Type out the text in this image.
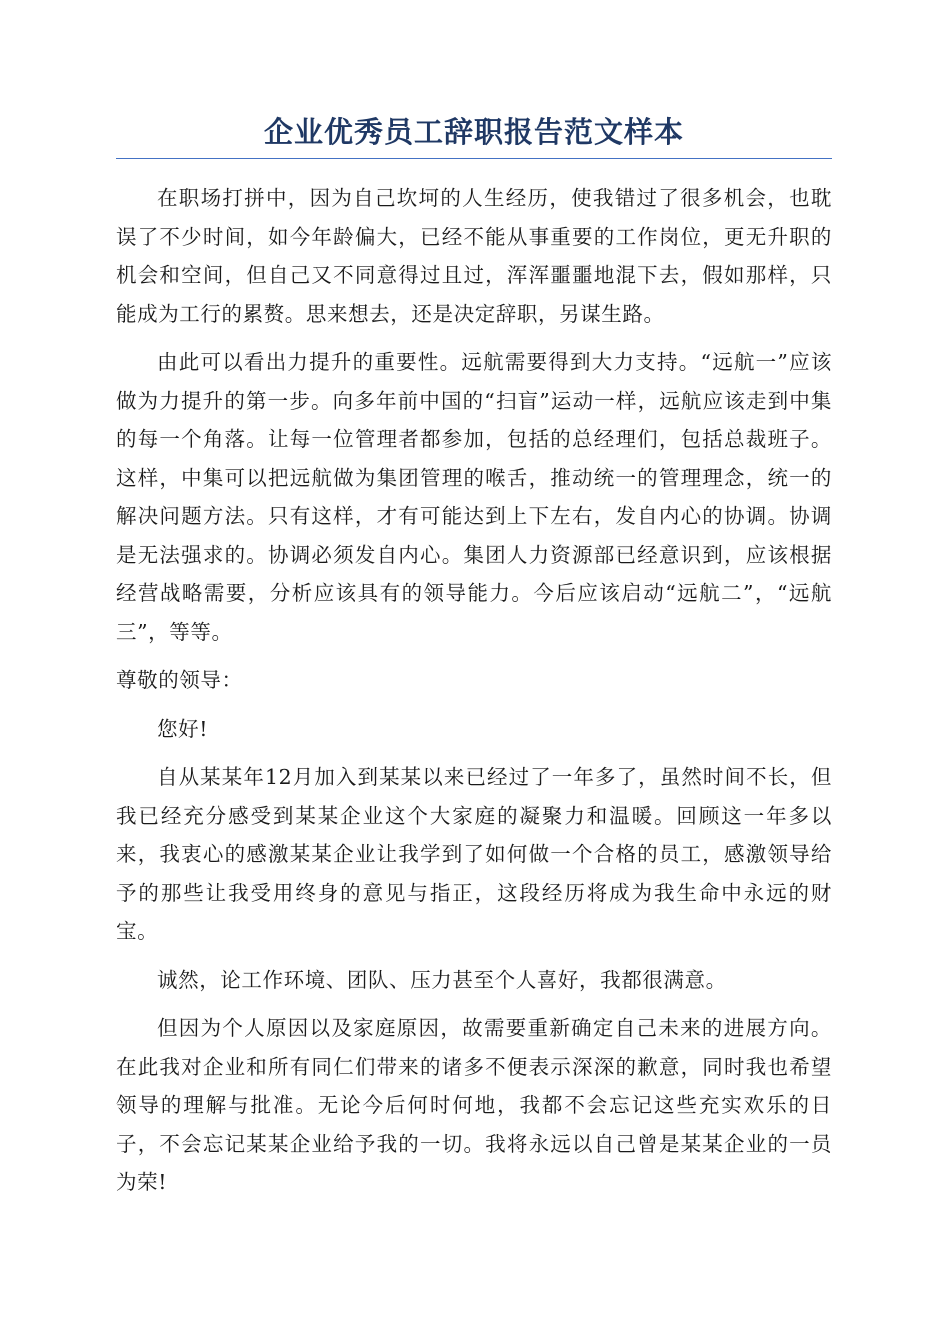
企业优秀员工辞职报告范文样本

在职场打拼中，因为自己坎坷的人生经历，使我错过了很多机会，也耽误了不少时间，如今年龄偏大，已经不能从事重要的工作岗位，更无升职的机会和空间，但自己又不同意得过且过，浑浑噩噩地混下去，假如那样，只能成为工行的累赘。思来想去，还是决定辞职，另谋生路。

由此可以看出力提升的重要性。远航需要得到大力支持。“远航一”应该做为力提升的第一步。向多年前中国的“扫盲”运动一样，远航应该走到中集的每一个角落。让每一位管理者都参加，包括的总经理们，包括总裁班子。这样，中集可以把远航做为集团管理的喉舌，推动统一的管理理念，统一的解决问题方法。只有这样，才有可能达到上下左右，发自内心的协调。协调是无法强求的。协调必须发自内心。集团人力资源部已经意识到，应该根据经营战略需要，分析应该具有的领导能力。今后应该启动“远航二”，“远航三”，等等。

尊敬的领导：

您好!

自从某某年12月加入到某某以来已经过了一年多了，虽然时间不长，但我已经充分感受到某某企业这个大家庭的凝聚力和温暖。回顾这一年多以来，我衷心的感激某某企业让我学到了如何做一个合格的员工，感激领导给予的那些让我受用终身的意见与指正，这段经历将成为我生命中永远的财宝。

诚然，论工作环境、团队、压力甚至个人喜好，我都很满意。

但因为个人原因以及家庭原因，故需要重新确定自己未来的进展方向。在此我对企业和所有同仁们带来的诸多不便表示深深的歉意，同时我也希望领导的理解与批准。无论今后何时何地，我都不会忘记这些充实欢乐的日子，不会忘记某某企业给予我的一切。我将永远以自己曾是某某企业的一员为荣!
